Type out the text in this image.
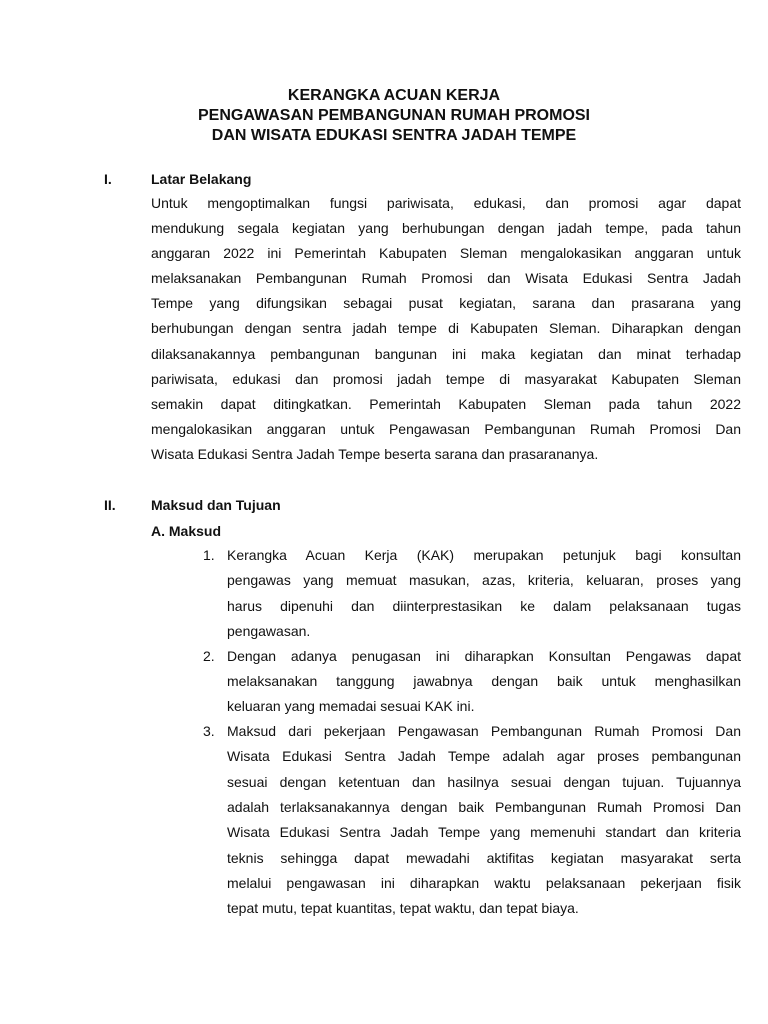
KERANGKA ACUAN KERJA
PENGAWASAN PEMBANGUNAN RUMAH PROMOSI
DAN WISATA EDUKASI SENTRA JADAH TEMPE
I.	Latar Belakang
Untuk mengoptimalkan fungsi pariwisata, edukasi, dan promosi agar dapat
mendukung segala kegiatan yang berhubungan dengan jadah tempe, pada tahun
anggaran 2022 ini Pemerintah Kabupaten Sleman mengalokasikan anggaran untuk
melaksanakan Pembangunan Rumah Promosi dan Wisata Edukasi Sentra Jadah
Tempe yang difungsikan sebagai pusat kegiatan, sarana dan prasarana yang
berhubungan dengan sentra jadah tempe di Kabupaten Sleman. Diharapkan dengan
dilaksanakannya pembangunan bangunan ini maka kegiatan dan minat terhadap
pariwisata, edukasi dan promosi jadah tempe di masyarakat Kabupaten Sleman
semakin dapat ditingkatkan. Pemerintah Kabupaten Sleman pada tahun 2022
mengalokasikan anggaran untuk Pengawasan Pembangunan Rumah Promosi Dan
Wisata Edukasi Sentra Jadah Tempe beserta sarana dan prasarananya.
II.	Maksud dan Tujuan
A. Maksud
1. Kerangka Acuan Kerja (KAK) merupakan petunjuk bagi konsultan
pengawas yang memuat masukan, azas, kriteria, keluaran, proses yang
harus dipenuhi dan diinterprestasikan ke dalam pelaksanaan tugas
pengawasan.
2. Dengan adanya penugasan ini diharapkan Konsultan Pengawas dapat
melaksanakan tanggung jawabnya dengan baik untuk menghasilkan
keluaran yang memadai sesuai KAK ini.
3. Maksud dari pekerjaan Pengawasan Pembangunan Rumah Promosi Dan
Wisata Edukasi Sentra Jadah Tempe adalah agar proses pembangunan
sesuai dengan ketentuan dan hasilnya sesuai dengan tujuan. Tujuannya
adalah terlaksanakannya dengan baik Pembangunan Rumah Promosi Dan
Wisata Edukasi Sentra Jadah Tempe yang memenuhi standart dan kriteria
teknis sehingga dapat mewadahi aktifitas kegiatan masyarakat serta
melalui pengawasan ini diharapkan waktu pelaksanaan pekerjaan fisik
tepat mutu, tepat kuantitas, tepat waktu, dan tepat biaya.
